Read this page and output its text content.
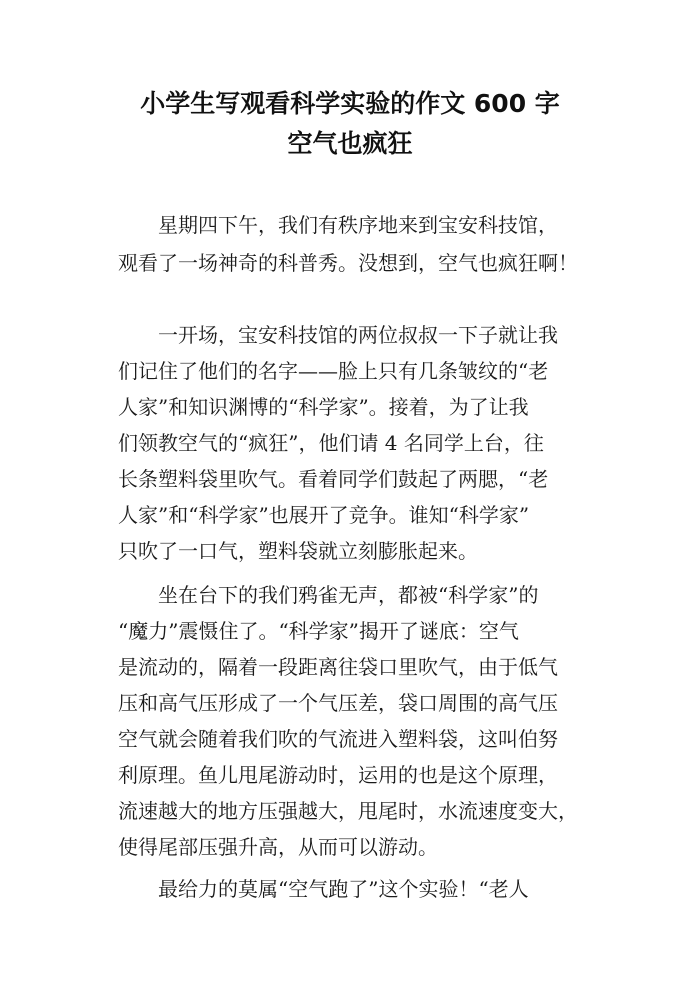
小学生写观看科学实验的作文 600 字
空气也疯狂

星期四下午，我们有秩序地来到宝安科技馆，

观看了一场神奇的科普秀。没想到，空气也疯狂啊！

一开场，宝安科技馆的两位叔叔一下子就让我

们记住了他们的名字——脸上只有几条皱纹的“老

人家”和知识渊博的“科学家”。接着，为了让我

们领教空气的“疯狂”，他们请 4 名同学上台，往

长条塑料袋里吹气。看着同学们鼓起了两腮，“老

人家”和“科学家”也展开了竞争。谁知“科学家”

只吹了一口气，塑料袋就立刻膨胀起来。

坐在台下的我们鸦雀无声，都被“科学家”的

“魔力”震慑住了。“科学家”揭开了谜底：空气

是流动的，隔着一段距离往袋口里吹气，由于低气

压和高气压形成了一个气压差，袋口周围的高气压

空气就会随着我们吹的气流进入塑料袋，这叫伯努

利原理。鱼儿甩尾游动时，运用的也是这个原理，

流速越大的地方压强越大，甩尾时，水流速度变大，

使得尾部压强升高，从而可以游动。

最给力的莫属“空气跑了”这个实验！“老人
